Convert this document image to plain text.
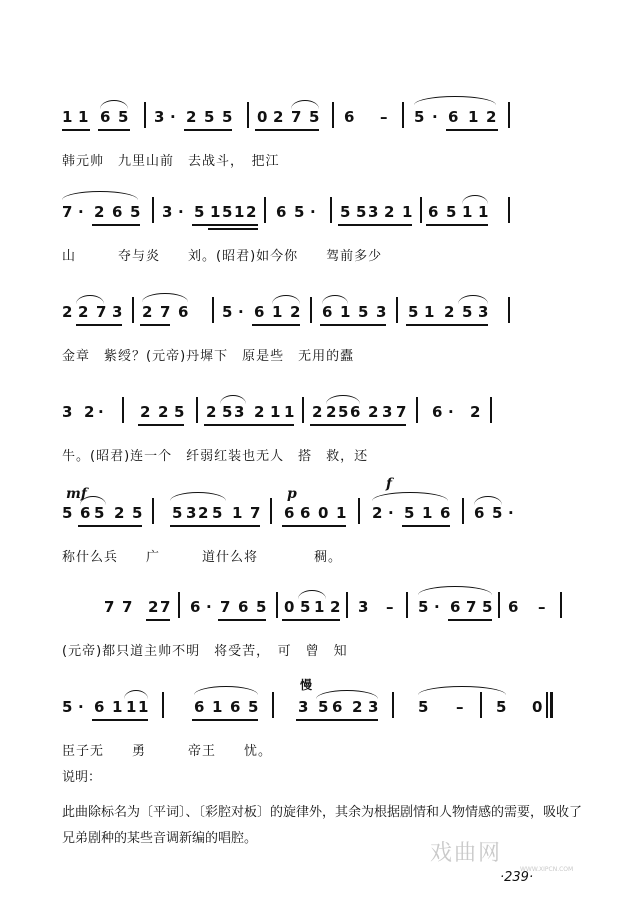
1 1 6 5 3 · 2 5 5 0 2 7 5 6 – 5 · 6 1 2
韩元帅　九里山前　去战斗，　把江
7 · 2 6 5 3 · 5 1 5 1 2 6 5 · 5 5 3 2 1 6 5 1 1
山　　　夺与炎　　刘。(昭君)如今你　　驾前多少
2 2 7 3 2 7 6 5 · 6 1 2 6 1 5 3 5 1 2 5 3
金章　紫绶？(元帝)丹墀下　原是些　无用的蠹
3 2 · 2 2 5 2 5 3 2 1 1 2 2 5 6 2 3 7 6 · 2
牛。(昭君)连一个　纤弱红装也无人　搭　救，还
mf	p
f
5 6 5 2 5 5 3 2 5 1 7 6 6 0 1 2 · 5 1 6 6 5 ·
称什么兵　　广　　　道什么将　　　　稠。
7 7 2 7 6 · 7 6 5 0 5 1 2 3 – 5 · 6 7 5 6 –
(元帝)都只道主帅不明　将受苦，　可　曾　知
慢
5 · 6 1 1 1	6 1 6 5	3 5 6 2 3	5 – 5 0
臣子无　　勇　　　帝王　　忧。
说明：
此曲除标名为〔平词〕、〔彩腔对板〕的旋律外，其余为根据剧情和人物情感的需要，吸收了兄弟剧种的某些音调新编的唱腔。
戏曲网
WWW.XIPCN.COM
·239·
